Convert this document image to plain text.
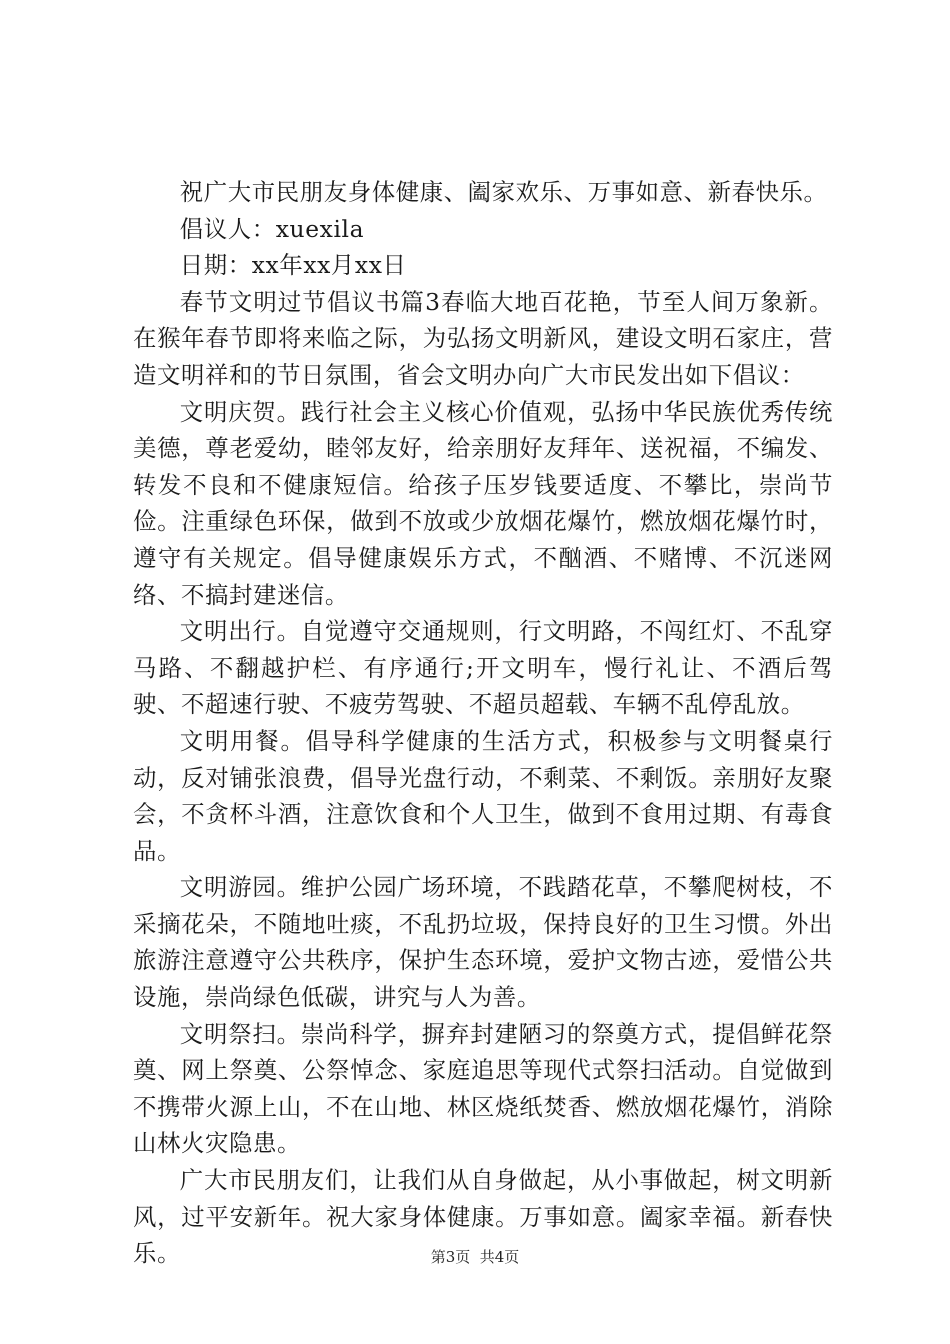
祝广大市民朋友身体健康、阖家欢乐、万事如意、新春快乐。

倡议人：xuexila

日期：xx年xx月xx日

春节文明过节倡议书篇3春临大地百花艳，节至人间万象新。在猴年春节即将来临之际，为弘扬文明新风，建设文明石家庄，营造文明祥和的节日氛围，省会文明办向广大市民发出如下倡议：

文明庆贺。践行社会主义核心价值观，弘扬中华民族优秀传统美德，尊老爱幼，睦邻友好，给亲朋好友拜年、送祝福，不编发、转发不良和不健康短信。给孩子压岁钱要适度、不攀比，崇尚节俭。注重绿色环保，做到不放或少放烟花爆竹，燃放烟花爆竹时，遵守有关规定。倡导健康娱乐方式，不酗酒、不赌博、不沉迷网络、不搞封建迷信。

文明出行。自觉遵守交通规则，行文明路，不闯红灯、不乱穿马路、不翻越护栏、有序通行;开文明车，慢行礼让、不酒后驾驶、不超速行驶、不疲劳驾驶、不超员超载、车辆不乱停乱放。

文明用餐。倡导科学健康的生活方式，积极参与文明餐桌行动，反对铺张浪费，倡导光盘行动，不剩菜、不剩饭。亲朋好友聚会，不贪杯斗酒，注意饮食和个人卫生，做到不食用过期、有毒食品。

文明游园。维护公园广场环境，不践踏花草，不攀爬树枝，不采摘花朵，不随地吐痰，不乱扔垃圾，保持良好的卫生习惯。外出旅游注意遵守公共秩序，保护生态环境，爱护文物古迹，爱惜公共设施，崇尚绿色低碳，讲究与人为善。

文明祭扫。崇尚科学，摒弃封建陋习的祭奠方式，提倡鲜花祭奠、网上祭奠、公祭悼念、家庭追思等现代式祭扫活动。自觉做到不携带火源上山，不在山地、林区烧纸焚香、燃放烟花爆竹，消除山林火灾隐患。

广大市民朋友们，让我们从自身做起，从小事做起，树文明新风，过平安新年。祝大家身体健康。万事如意。阖家幸福。新春快乐。	第3页  共4页
